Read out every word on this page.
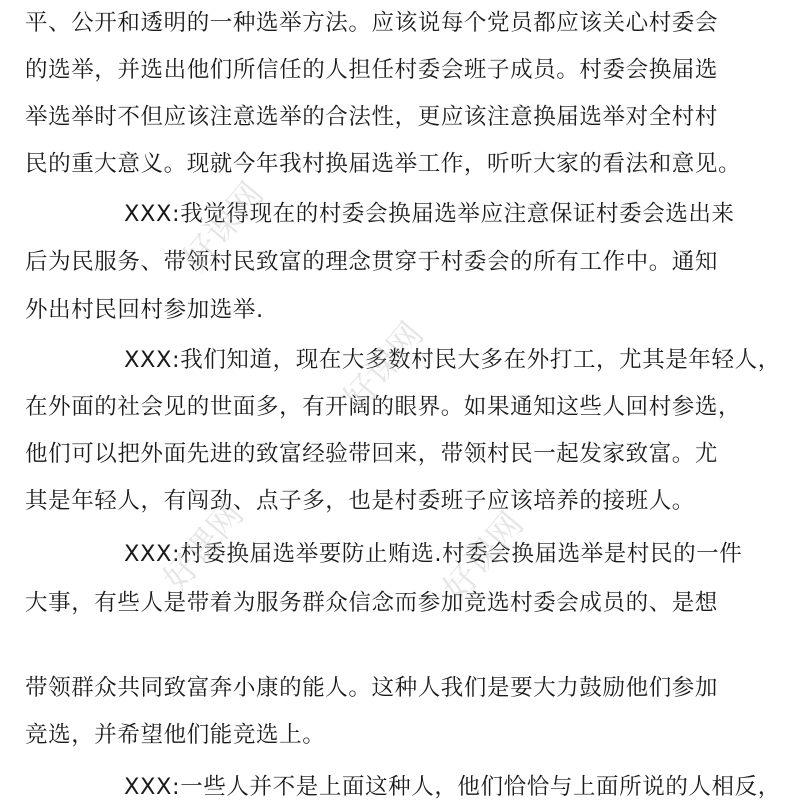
平、公开和透明的一种选举方法。应该说每个党员都应该关心村委会
的选举，并选出他们所信任的人担任村委会班子成员。村委会换届选
举选举时不但应该注意选举的合法性，更应该注意换届选举对全村村
民的重大意义。现就今年我村换届选举工作，听听大家的看法和意见。
XXX:我觉得现在的村委会换届选举应注意保证村委会选出来
后为民服务、带领村民致富的理念贯穿于村委会的所有工作中。通知
外出村民回村参加选举.
XXX:我们知道，现在大多数村民大多在外打工，尤其是年轻人，
在外面的社会见的世面多，有开阔的眼界。如果通知这些人回村参选，
他们可以把外面先进的致富经验带回来，带领村民一起发家致富。尤
其是年轻人，有闯劲、点子多，也是村委班子应该培养的接班人。
XXX:村委换届选举要防止贿选.村委会换届选举是村民的一件
大事，有些人是带着为服务群众信念而参加竞选村委会成员的、是想
带领群众共同致富奔小康的能人。这种人我们是要大力鼓励他们参加
竞选，并希望他们能竞选上。
XXX:一些人并不是上面这种人，他们恰恰与上面所说的人相反，
好课网
好课网
好课网	好课网
